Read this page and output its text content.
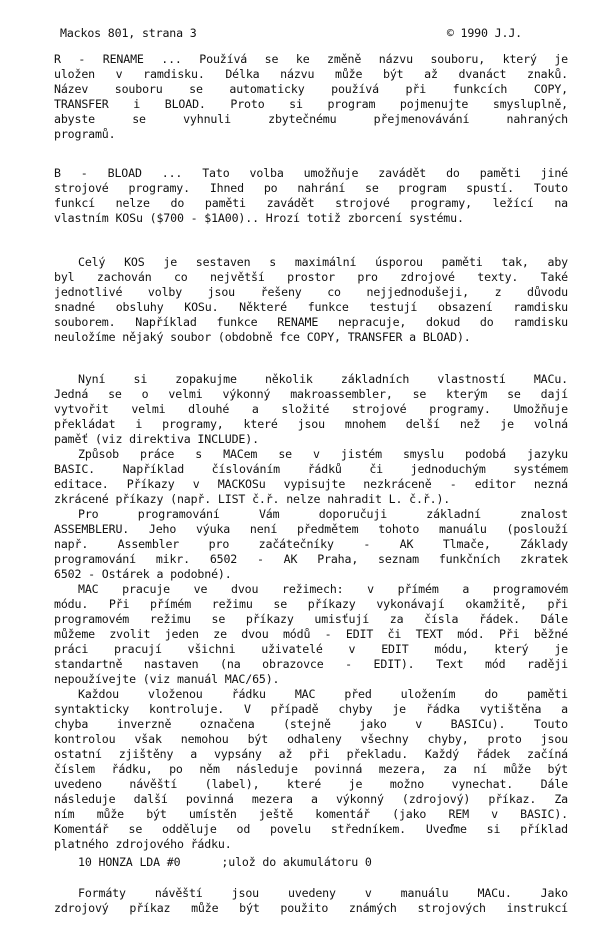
Mackos 801, strana 3	© 1990 J.J.
R - RENAME ... Používá se ke změně názvu souboru, který je
uložen v ramdisku. Délka názvu může být až dvanáct znaků.
Název souboru se automaticky používá při funkcích COPY,
TRANSFER i BLOAD. Proto si program pojmenujte smysluplně,
abyste se vyhnuli zbytečnému přejmenovávání nahraných
programů.
B - BLOAD ... Tato volba umožňuje zavádět do paměti jiné
strojové programy. Ihned po nahrání se program spustí. Touto
funkcí nelze do paměti zavádět strojové programy, ležící na
vlastním KOSu ($700 - $1A00).. Hrozí totiž zborcení systému.
Celý KOS je sestaven s maximální úsporou paměti tak, aby
byl zachován co největší prostor pro zdrojové texty. Také
jednotlivé volby jsou řešeny co nejjednodušeji, z důvodu
snadné obsluhy KOSu. Některé funkce testují obsazení ramdisku
souborem. Například funkce RENAME nepracuje, dokud do ramdisku
neuložíme nějaký soubor (obdobně fce COPY, TRANSFER a BLOAD).
Nyní si zopakujme několik základních vlastností MACu.
Jedná se o velmi výkonný makroassembler, se kterým se dají
vytvořit velmi dlouhé a složité strojové programy. Umožňuje
překládat i programy, které jsou mnohem delší než je volná
paměť (viz direktiva INCLUDE).
Způsob práce s MACem se v jistém smyslu podobá jazyku
BASIC. Například číslováním řádků či jednoduchým systémem
editace. Příkazy v MACKOSu vypisujte nezkráceně - editor nezná
zkrácené příkazy (např. LIST č.ř. nelze nahradit L. č.ř.).
Pro programování Vám doporučuji základní znalost
ASSEMBLERU. Jeho výuka není předmětem tohoto manuálu (poslouží
např. Assembler pro začátečníky - AK Tlmače, Základy
programování mikr. 6502 - AK Praha, seznam funkčních zkratek
6502 - Ostárek a podobné).
MAC pracuje ve dvou režimech: v přímém a programovém
módu. Při přímém režimu se příkazy vykonávají okamžitě, při
programovém režimu se příkazy umisťují za čísla řádek. Dále
můžeme zvolit jeden ze dvou módů - EDIT či TEXT mód. Při běžné
práci pracují všichni uživatelé v EDIT módu, který je
standartně nastaven (na obrazovce - EDIT). Text mód raději
nepoužívejte (viz manuál MAC/65).
Každou vloženou řádku MAC před uložením do paměti
syntakticky kontroluje. V případě chyby je řádka vytištěna a
chyba inverzně označena (stejně jako v BASICu). Touto
kontrolou však nemohou být odhaleny všechny chyby, proto jsou
ostatní zjištěny a vypsány až při překladu. Každý řádek začíná
číslem řádku, po něm následuje povinná mezera, za ní může být
uvedeno návěští (label), které je možno vynechat. Dále
následuje další povinná mezera a výkonný (zdrojový) příkaz. Za
ním může být umístěn ještě komentář (jako REM v BASIC).
Komentář se odděluje od povelu středníkem. Uveďme si příklad
platného zdrojového řádku.
10 HONZA LDA #0      ;ulož do akumulátoru 0
Formáty návěští jsou uvedeny v manuálu MACu. Jako
zdrojový příkaz může být použito známých strojových instrukcí
